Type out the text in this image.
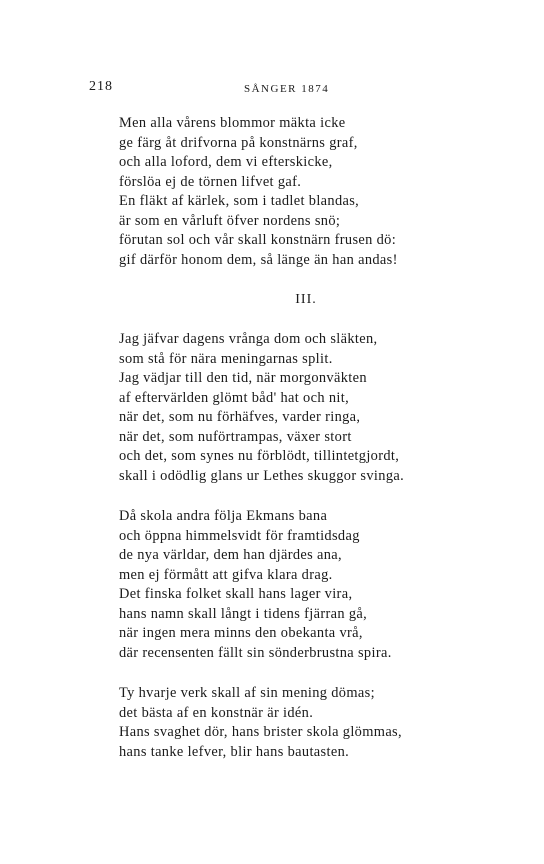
218	SÅNGER 1874
Men alla vårens blommor mäkta icke
ge färg åt drifvorna på konstnärns graf,
och alla loford, dem vi efterskicke,
förslöa ej de törnen lifvet gaf.
En fläkt af kärlek, som i tadlet blandas,
är som en vårluft öfver nordens snö;
förutan sol och vår skall konstnärn frusen dö:
gif därför honom dem, så länge än han andas!
III.
Jag jäfvar dagens vrånga dom och släkten,
som stå för nära meningarnas split.
Jag vädjar till den tid, när morgonväkten
af eftervärlden glömt båd' hat och nit,
när det, som nu förhäfves, varder ringa,
när det, som nuförtrampas, växer stort
och det, som synes nu förblödt, tillintetgjordt,
skall i odödlig glans ur Lethes skuggor svinga.
Då skola andra följa Ekmans bana
och öppna himmelsvidt för framtidsdag
de nya världar, dem han djärdes ana,
men ej förmått att gifva klara drag.
Det finska folket skall hans lager vira,
hans namn skall långt i tidens fjärran gå,
när ingen mera minns den obekanta vrå,
där recensenten fällt sin sönderbrustna spira.
Ty hvarje verk skall af sin mening dömas;
det bästa af en konstnär är idén.
Hans svaghet dör, hans brister skola glömmas,
hans tanke lefver, blir hans bautasten.
